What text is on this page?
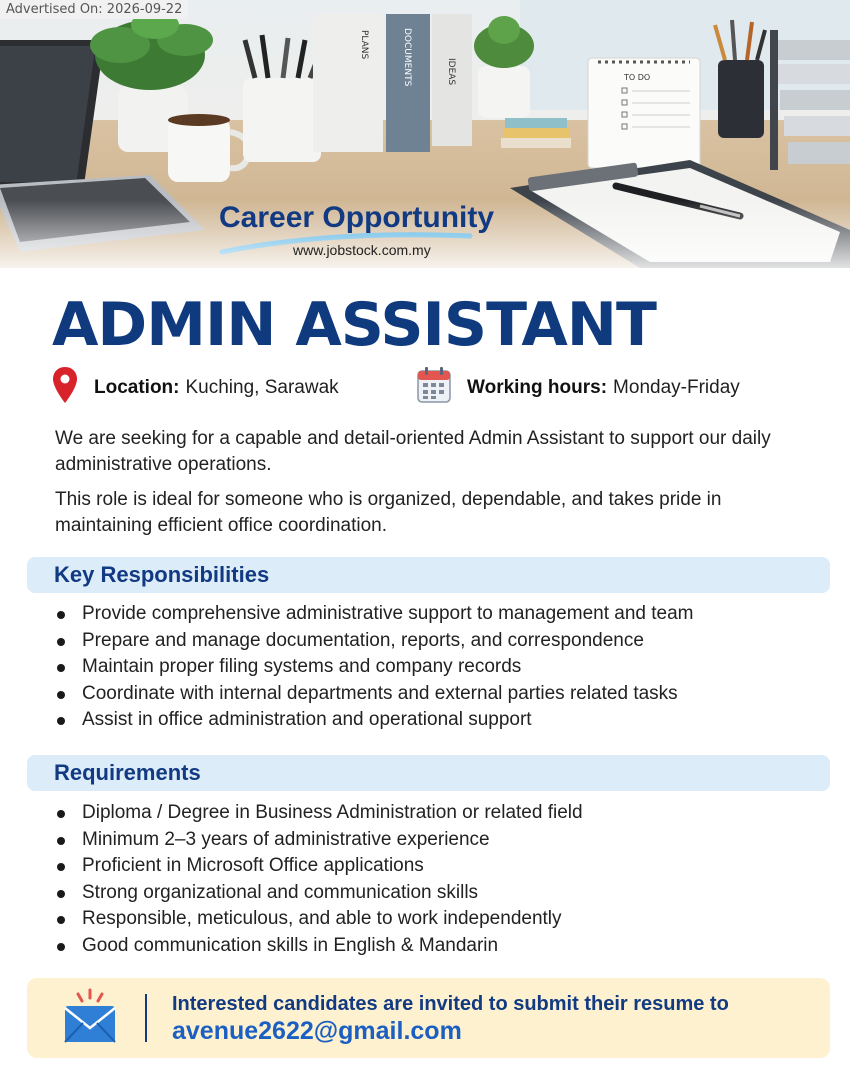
PLANS	DOCUMENTS	IDEAS	TO DO
Career Opportunity
www.jobstock.com.my
Advertised On: 2026-09-22
ADMIN ASSISTANT
Location: Kuching, Sarawak	Working hours: Monday-Friday

We are seeking for a capable and detail-oriented Admin Assistant to support our daily administrative operations.

This role is ideal for someone who is organized, dependable, and takes pride in maintaining efficient office coordination.

Key Responsibilities
Provide comprehensive administrative support to management and team
Prepare and manage documentation, reports, and correspondence
Maintain proper filing systems and company records
Coordinate with internal departments and external parties related tasks
Assist in office administration and operational support
Requirements
Diploma / Degree in Business Administration or related field
Minimum 2–3 years of administrative experience
Proficient in Microsoft Office applications
Strong organizational and communication skills
Responsible, meticulous, and able to work independently
Good communication skills in English & Mandarin
Interested candidates are invited to submit their resume to
avenue2622@gmail.com
